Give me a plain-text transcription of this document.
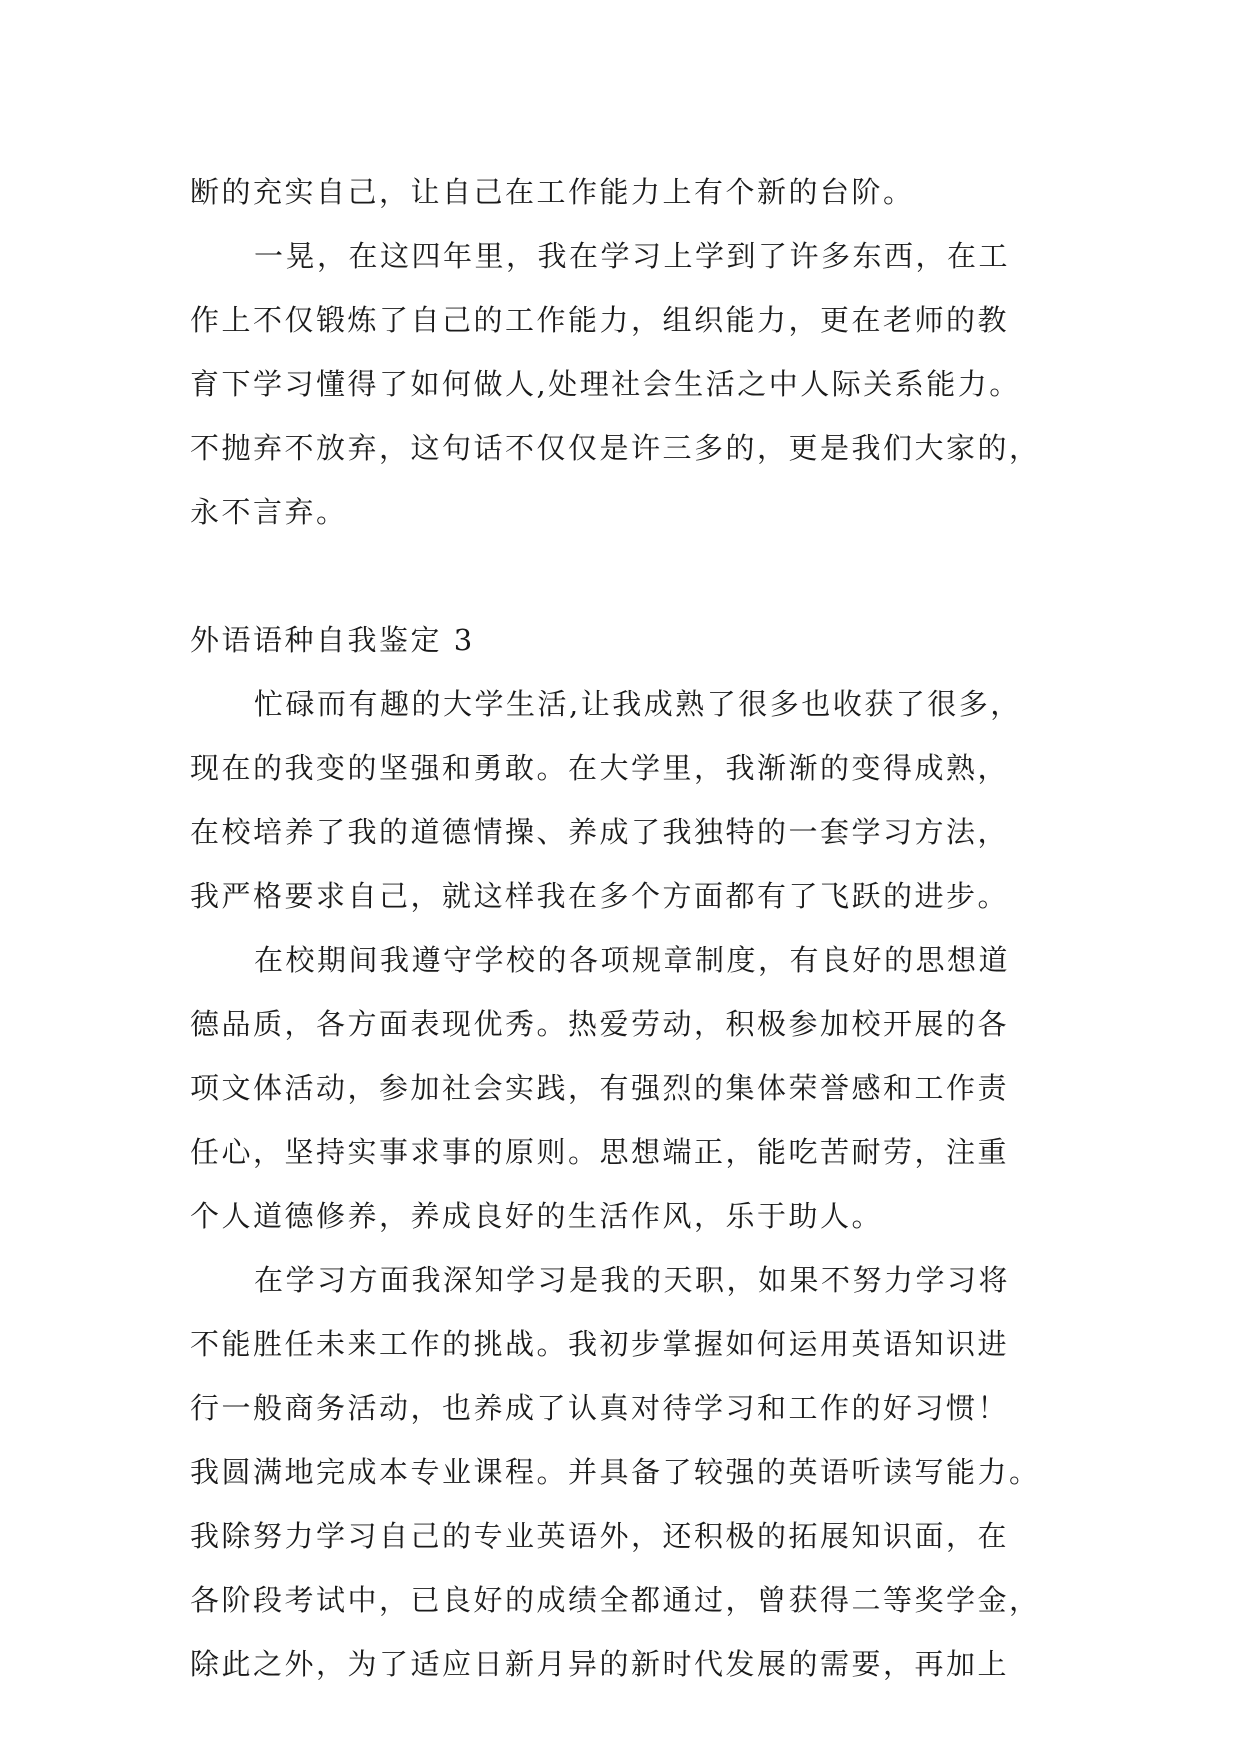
断的充实自己，让自己在工作能力上有个新的台阶。
一晃，在这四年里，我在学习上学到了许多东西，在工
作上不仅锻炼了自己的工作能力，组织能力，更在老师的教
育下学习懂得了如何做人,处理社会生活之中人际关系能力。
不抛弃不放弃，这句话不仅仅是许三多的，更是我们大家的，
永不言弃。
外语语种自我鉴定 3
忙碌而有趣的大学生活,让我成熟了很多也收获了很多，
现在的我变的坚强和勇敢。在大学里，我渐渐的变得成熟，
在校培养了我的道德情操、养成了我独特的一套学习方法，
我严格要求自己，就这样我在多个方面都有了飞跃的进步。
在校期间我遵守学校的各项规章制度，有良好的思想道
德品质，各方面表现优秀。热爱劳动，积极参加校开展的各
项文体活动，参加社会实践，有强烈的集体荣誉感和工作责
任心，坚持实事求事的原则。思想端正，能吃苦耐劳，注重
个人道德修养，养成良好的生活作风，乐于助人。
在学习方面我深知学习是我的天职，如果不努力学习将
不能胜任未来工作的挑战。我初步掌握如何运用英语知识进
行一般商务活动，也养成了认真对待学习和工作的好习惯！
我圆满地完成本专业课程。并具备了较强的英语听读写能力。
我除努力学习自己的专业英语外，还积极的拓展知识面，在
各阶段考试中，已良好的成绩全都通过，曾获得二等奖学金，
除此之外，为了适应日新月异的新时代发展的需要，再加上
